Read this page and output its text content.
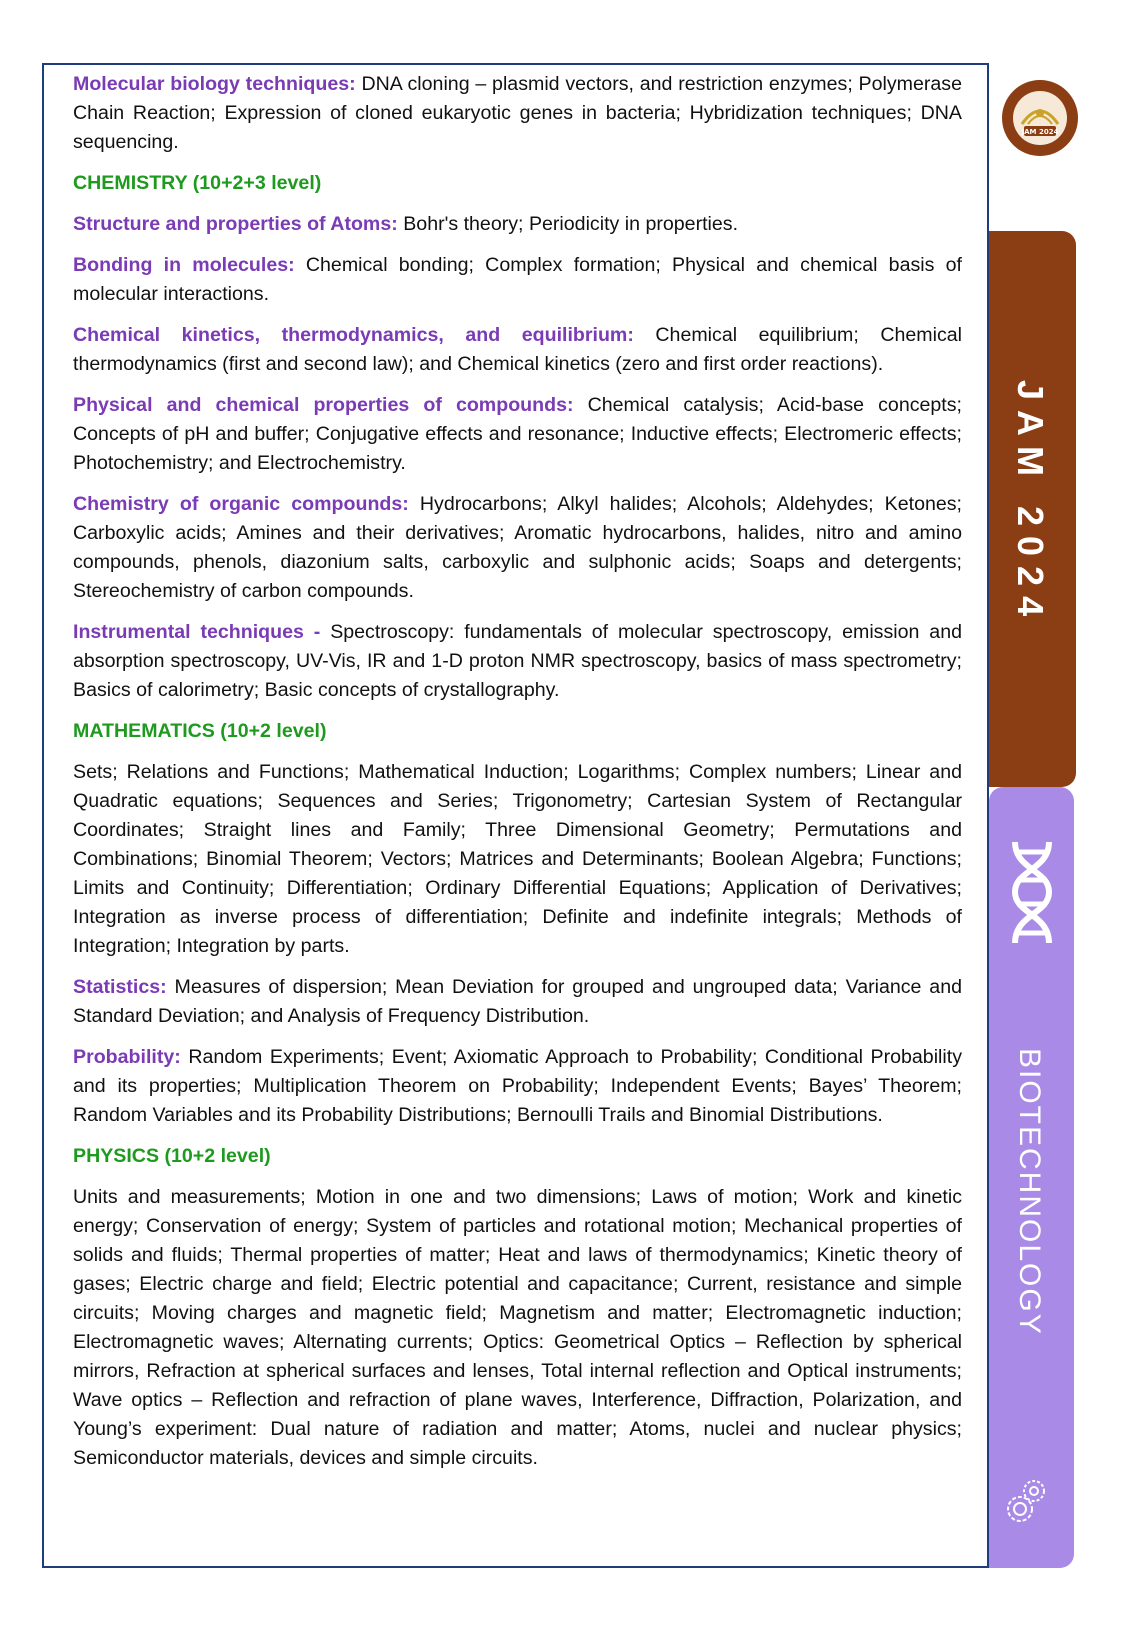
Molecular biology techniques: DNA cloning – plasmid vectors, and restriction enzymes; Polymerase Chain Reaction; Expression of cloned eukaryotic genes in bacteria; Hybridization techniques; DNA sequencing.
CHEMISTRY (10+2+3 level)
Structure and properties of Atoms: Bohr's theory; Periodicity in properties.
Bonding in molecules: Chemical bonding; Complex formation; Physical and chemical basis of molecular interactions.
Chemical kinetics, thermodynamics, and equilibrium: Chemical equilibrium; Chemical thermodynamics (first and second law); and Chemical kinetics (zero and first order reactions).
Physical and chemical properties of compounds: Chemical catalysis; Acid-base concepts; Concepts of pH and buffer; Conjugative effects and resonance; Inductive effects; Electromeric effects; Photochemistry; and Electrochemistry.
Chemistry of organic compounds: Hydrocarbons; Alkyl halides; Alcohols; Aldehydes; Ketones; Carboxylic acids; Amines and their derivatives; Aromatic hydrocarbons, halides, nitro and amino compounds, phenols, diazonium salts, carboxylic and sulphonic acids; Soaps and detergents; Stereochemistry of carbon compounds.
Instrumental techniques - Spectroscopy: fundamentals of molecular spectroscopy, emission and absorption spectroscopy, UV-Vis, IR and 1-D proton NMR spectroscopy, basics of mass spectrometry; Basics of calorimetry; Basic concepts of crystallography.
MATHEMATICS (10+2 level)
Sets; Relations and Functions; Mathematical Induction; Logarithms; Complex numbers; Linear and Quadratic equations; Sequences and Series; Trigonometry; Cartesian System of Rectangular Coordinates; Straight lines and Family; Three Dimensional Geometry; Permutations and Combinations; Binomial Theorem; Vectors; Matrices and Determinants; Boolean Algebra; Functions; Limits and Continuity; Differentiation; Ordinary Differential Equations; Application of Derivatives; Integration as inverse process of differentiation; Definite and indefinite integrals; Methods of Integration; Integration by parts.
Statistics: Measures of dispersion; Mean Deviation for grouped and ungrouped data; Variance and Standard Deviation; and Analysis of Frequency Distribution.
Probability: Random Experiments; Event; Axiomatic Approach to Probability; Conditional Probability and its properties; Multiplication Theorem on Probability; Independent Events; Bayes’ Theorem; Random Variables and its Probability Distributions; Bernoulli Trails and Binomial Distributions.
PHYSICS (10+2 level)
Units and measurements; Motion in one and two dimensions; Laws of motion; Work and kinetic energy; Conservation of energy; System of particles and rotational motion; Mechanical properties of solids and fluids; Thermal properties of matter; Heat and laws of thermodynamics; Kinetic theory of gases; Electric charge and field; Electric potential and capacitance; Current, resistance and simple circuits; Moving charges and magnetic field; Magnetism and matter; Electromagnetic induction; Electromagnetic waves; Alternating currents; Optics: Geometrical Optics – Reflection by spherical mirrors, Refraction at spherical surfaces and lenses, Total internal reflection and Optical instruments; Wave optics – Reflection and refraction of plane waves, Interference, Diffraction, Polarization, and Young’s experiment: Dual nature of radiation and matter; Atoms, nuclei and nuclear physics; Semiconductor materials, devices and simple circuits.
JAM 2024
BIOTECHNOLOGY
JAM 2024
